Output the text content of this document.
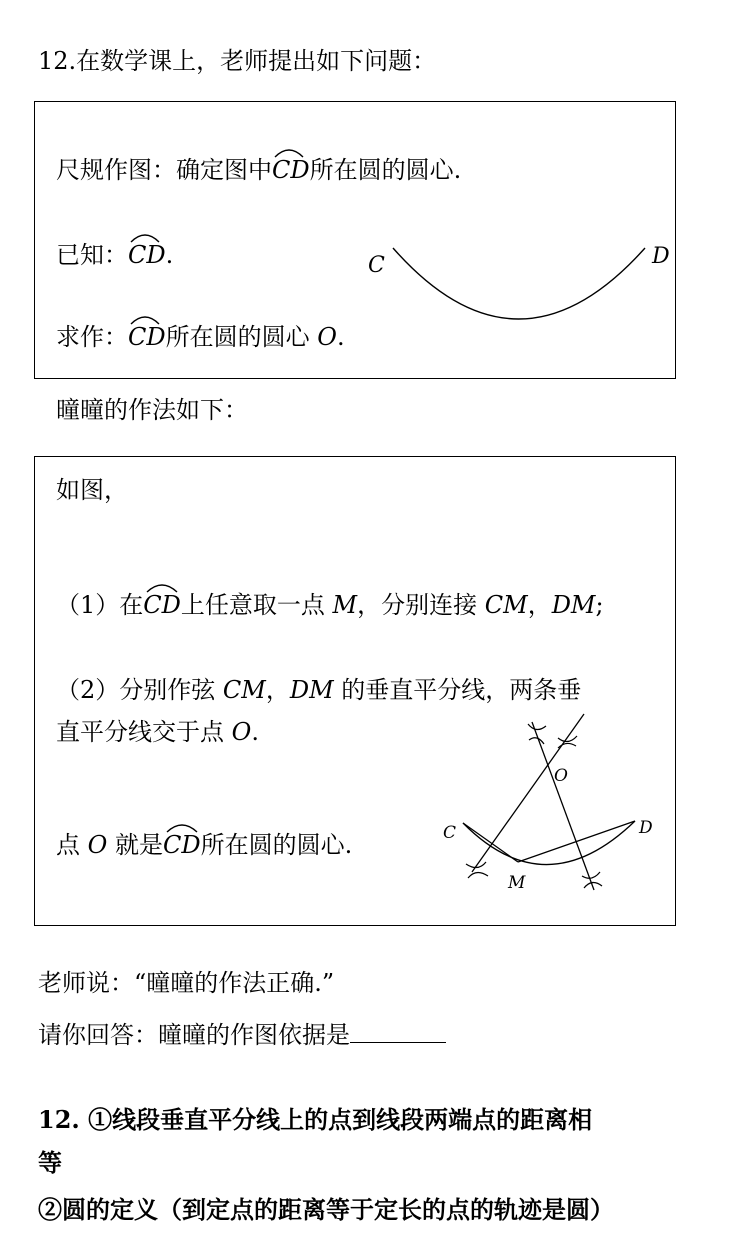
12.在数学课上，老师提出如下问题：
尺规作图：确定图中
CD所在圆的圆心.
已知：
CD.
求作：
CD所在圆的圆心 O.
C	D
曈曈的作法如下：
如图，
（1）在
CD上任意取一点 M，分别连接 CM，DM;
（2）分别作弦 CM，DM 的垂直平分线，两条垂
直平分线交于点 O.
点 O 就是
CD所在圆的圆心.
O
C	D
M
老师说：“曈曈的作法正确.”
请你回答：曈曈的作图依据是
12. ①线段垂直平分线上的点到线段两端点的距离相
等
②圆的定义（到定点的距离等于定长的点的轨迹是圆）
